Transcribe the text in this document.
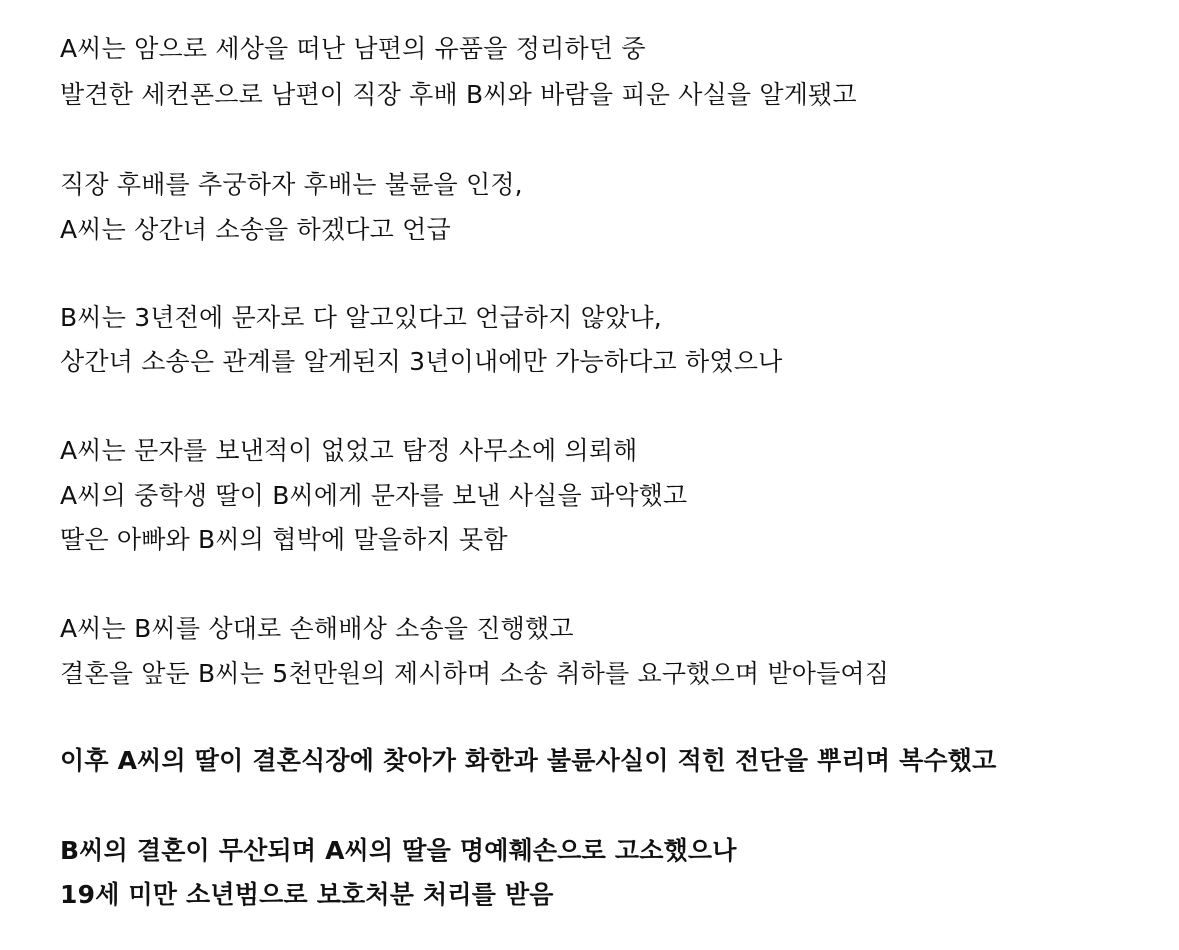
A씨는 암으로 세상을 떠난 남편의 유품을 정리하던 중
발견한 세컨폰으로 남편이 직장 후배 B씨와 바람을 피운 사실을 알게됐고
직장 후배를 추궁하자 후배는 불륜을 인정,
A씨는 상간녀 소송을 하겠다고 언급
B씨는 3년전에 문자로 다 알고있다고 언급하지 않았냐,
상간녀 소송은 관계를 알게된지 3년이내에만 가능하다고 하였으나
A씨는 문자를 보낸적이 없었고 탐정 사무소에 의뢰해
A씨의 중학생 딸이 B씨에게 문자를 보낸 사실을 파악했고
딸은 아빠와 B씨의 협박에 말을하지 못함
A씨는 B씨를 상대로 손해배상 소송을 진행했고
결혼을 앞둔 B씨는 5천만원의 제시하며 소송 취하를 요구했으며 받아들여짐
이후 A씨의 딸이 결혼식장에 찾아가 화한과 불륜사실이 적힌 전단을 뿌리며 복수했고
B씨의 결혼이 무산되며 A씨의 딸을 명예훼손으로 고소했으나
19세 미만 소년범으로 보호처분 처리를 받음
